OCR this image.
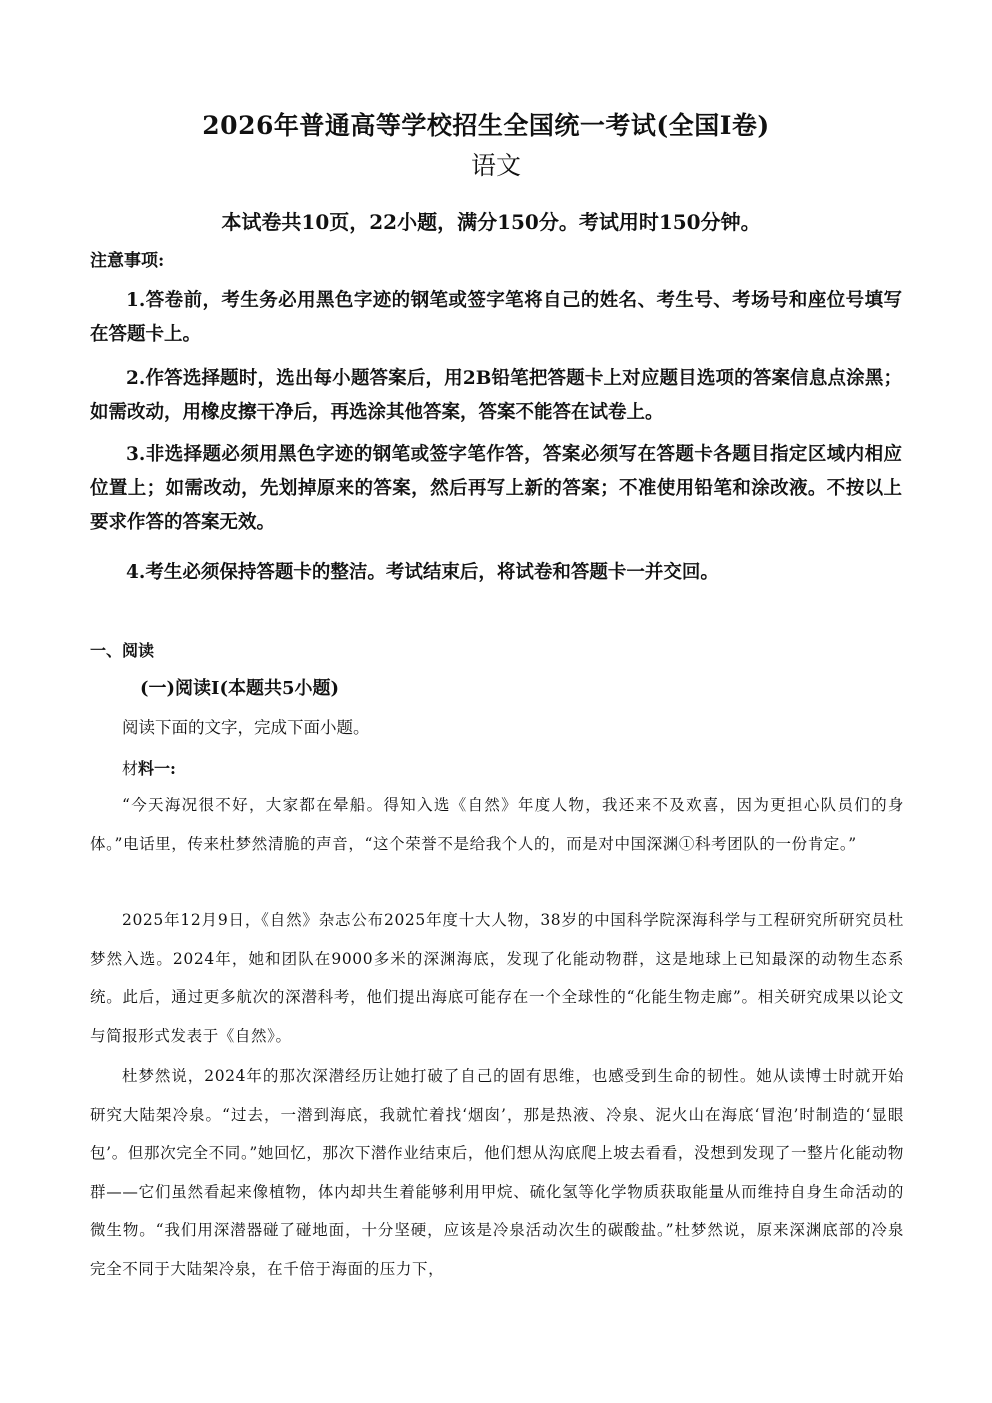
2026年普通高等学校招生全国统一考试(全国I卷)
语文
本试卷共10页，22小题，满分150分。考试用时150分钟。
注意事项:
1.答卷前，考生务必用黑色字迹的钢笔或签字笔将自己的姓名、考生号、考场号和座位号填写在答题卡上。
2.作答选择题时，选出每小题答案后，用2B铅笔把答题卡上对应题目选项的答案信息点涂黑；如需改动，用橡皮擦干净后，再选涂其他答案，答案不能答在试卷上。
3.非选择题必须用黑色字迹的钢笔或签字笔作答，答案必须写在答题卡各题目指定区域内相应位置上；如需改动，先划掉原来的答案，然后再写上新的答案；不准使用铅笔和涂改液。不按以上要求作答的答案无效。
4.考生必须保持答题卡的整洁。考试结束后，将试卷和答题卡一并交回。
一、阅读
(一)阅读I(本题共5小题)
阅读下面的文字，完成下面小题。
材料一:
“今天海况很不好，大家都在晕船。得知入选《自然》年度人物，我还来不及欢喜，因为更担心队员们的身体。”电话里，传来杜梦然清脆的声音，“这个荣誉不是给我个人的，而是对中国深渊①科考团队的一份肯定。”
2025年12月9日，《自然》杂志公布2025年度十大人物，38岁的中国科学院深海科学与工程研究所研究员杜梦然入选。2024年，她和团队在9000多米的深渊海底，发现了化能动物群，这是地球上已知最深的动物生态系统。此后，通过更多航次的深潜科考，他们提出海底可能存在一个全球性的“化能生物走廊”。相关研究成果以论文与简报形式发表于《自然》。
杜梦然说，2024年的那次深潜经历让她打破了自己的固有思维，也感受到生命的韧性。她从读博士时就开始研究大陆架冷泉。“过去，一潜到海底，我就忙着找‘烟囱’，那是热液、冷泉、泥火山在海底‘冒泡’时制造的‘显眼包’。但那次完全不同。”她回忆，那次下潜作业结束后，他们想从沟底爬上坡去看看，没想到发现了一整片化能动物群——它们虽然看起来像植物，体内却共生着能够利用甲烷、硫化氢等化学物质获取能量从而维持自身生命活动的微生物。“我们用深潜器碰了碰地面，十分坚硬，应该是冷泉活动次生的碳酸盐。”杜梦然说，原来深渊底部的冷泉完全不同于大陆架冷泉，在千倍于海面的压力下，
